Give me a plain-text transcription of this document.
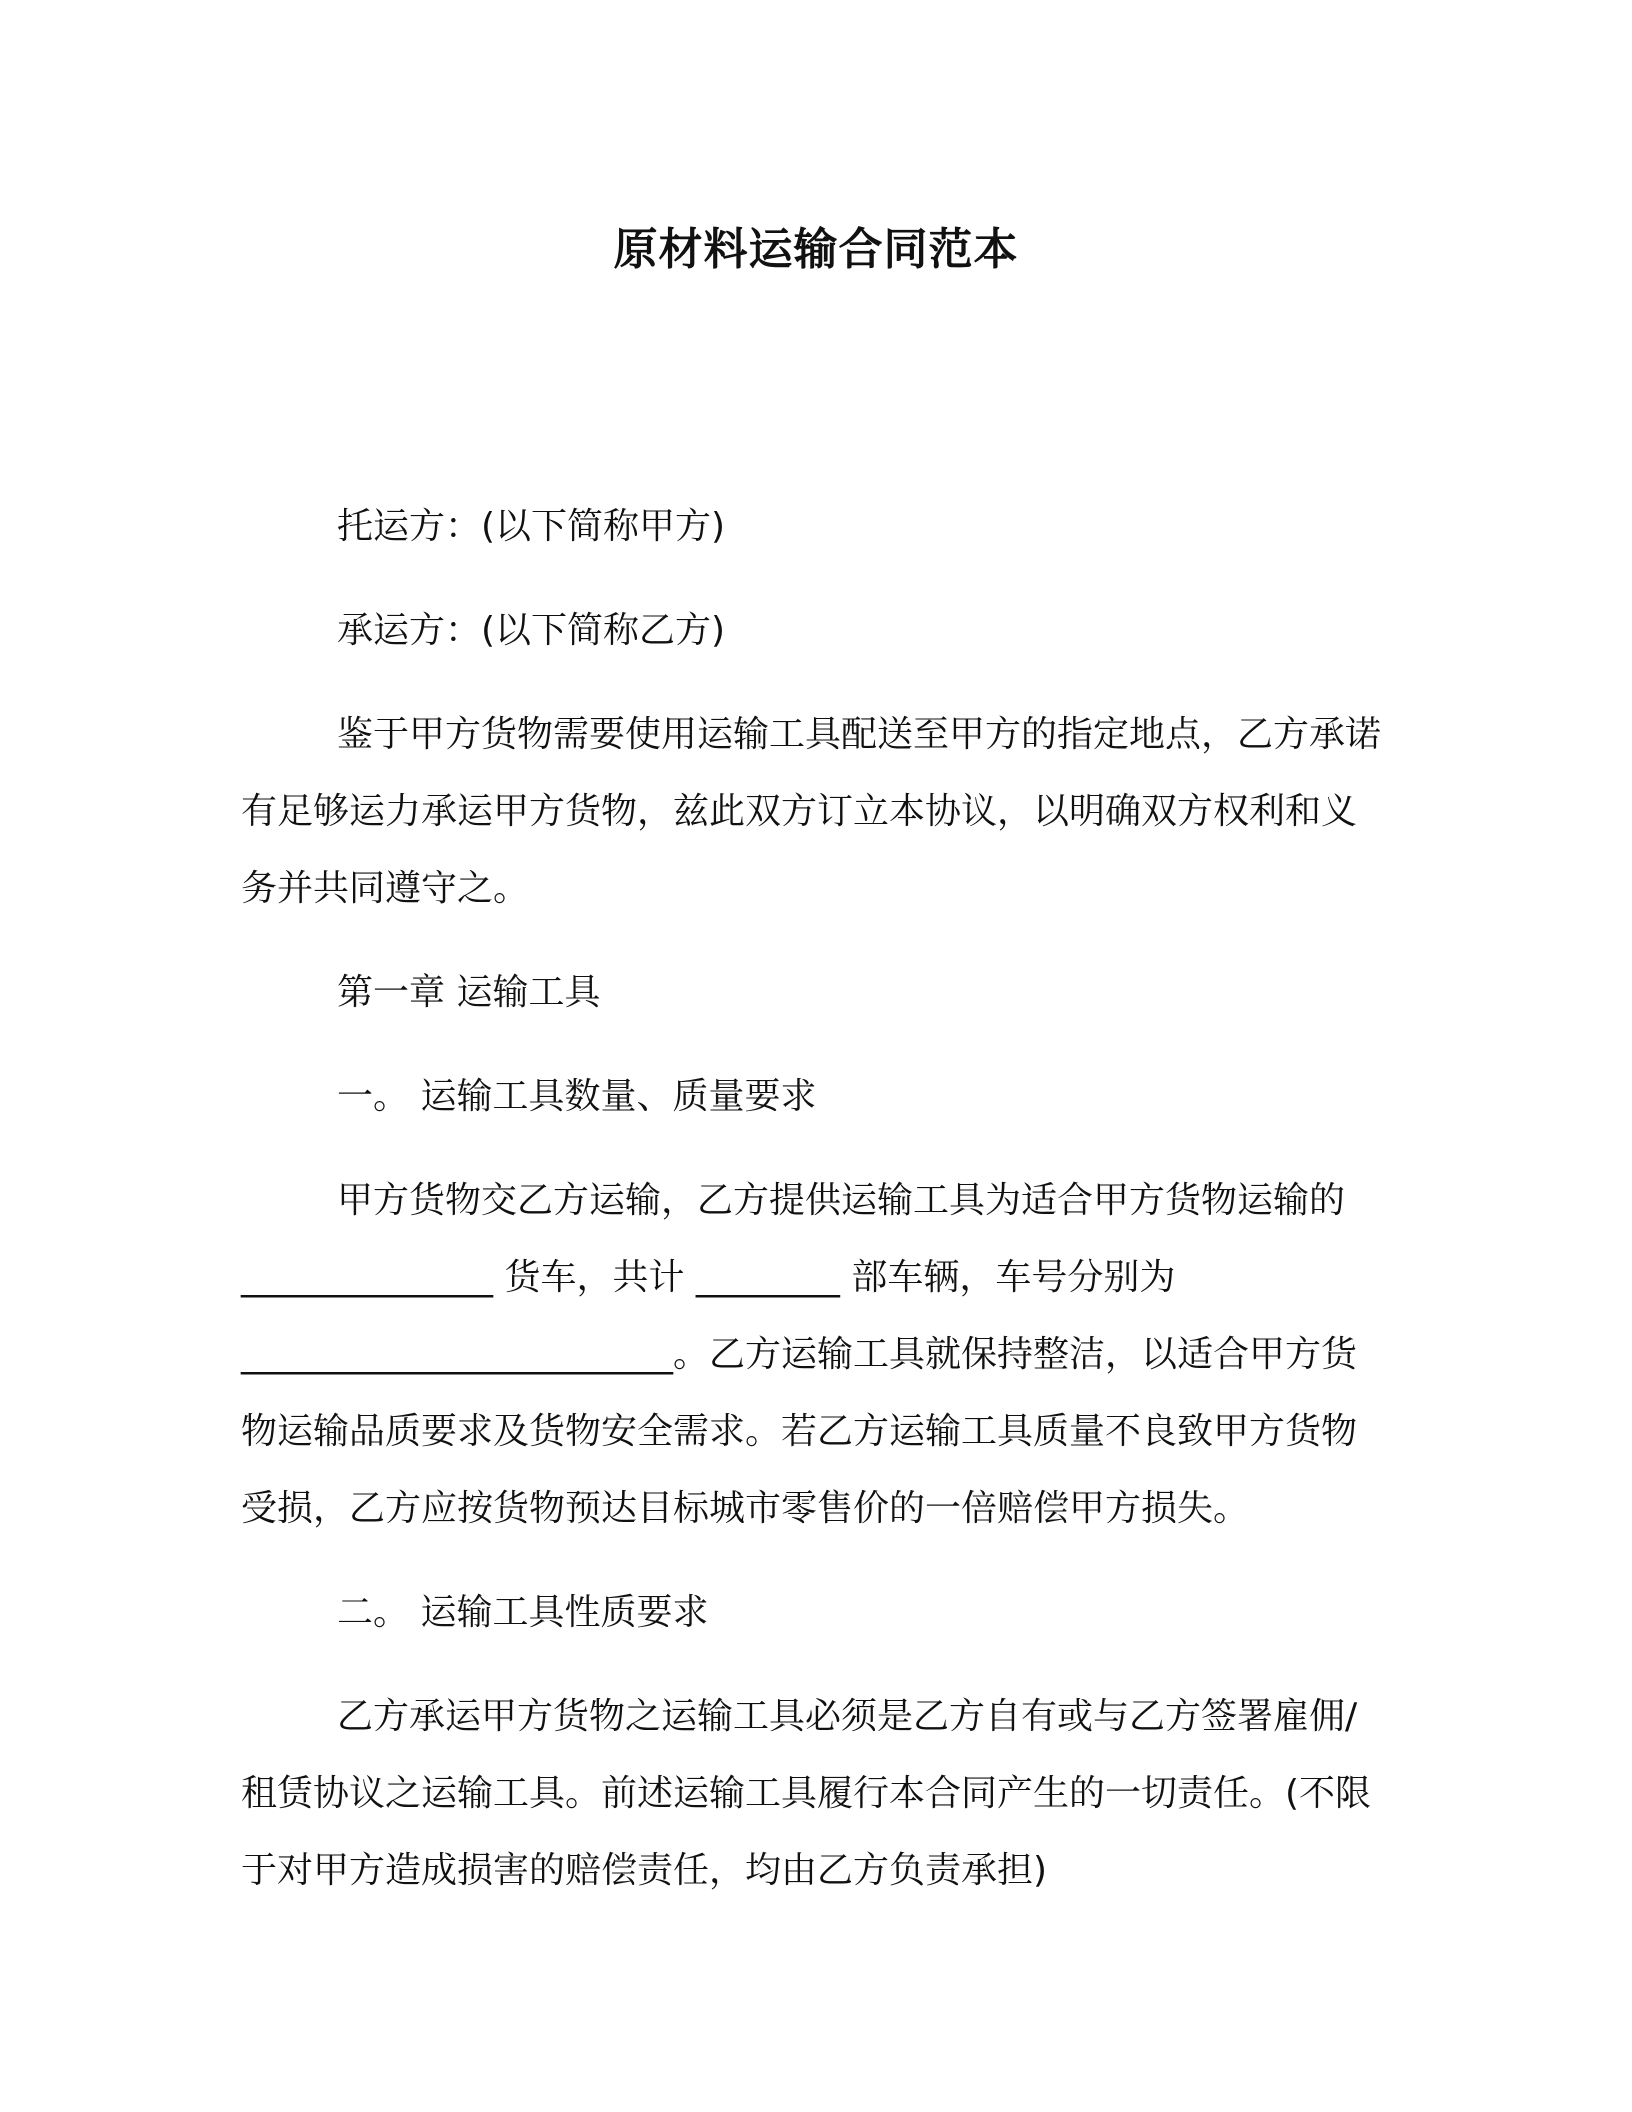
原材料运输合同范本

托运方：(以下简称甲方)

承运方：(以下简称乙方)

鉴于甲方货物需要使用运输工具配送至甲方的指定地点，乙方承诺有足够运力承运甲方货物，兹此双方订立本协议，以明确双方权利和义务并共同遵守之。

第一章 运输工具

一。 运输工具数量、质量要求

甲方货物交乙方运输，乙方提供运输工具为适合甲方货物运输的______________ 货车，共计 ________ 部车辆，车号分别为________________________。乙方运输工具就保持整洁，以适合甲方货物运输品质要求及货物安全需求。若乙方运输工具质量不良致甲方货物受损，乙方应按货物预达目标城市零售价的一倍赔偿甲方损失。

二。 运输工具性质要求

乙方承运甲方货物之运输工具必须是乙方自有或与乙方签署雇佣/租赁协议之运输工具。前述运输工具履行本合同产生的一切责任。(不限于对甲方造成损害的赔偿责任，均由乙方负责承担)
